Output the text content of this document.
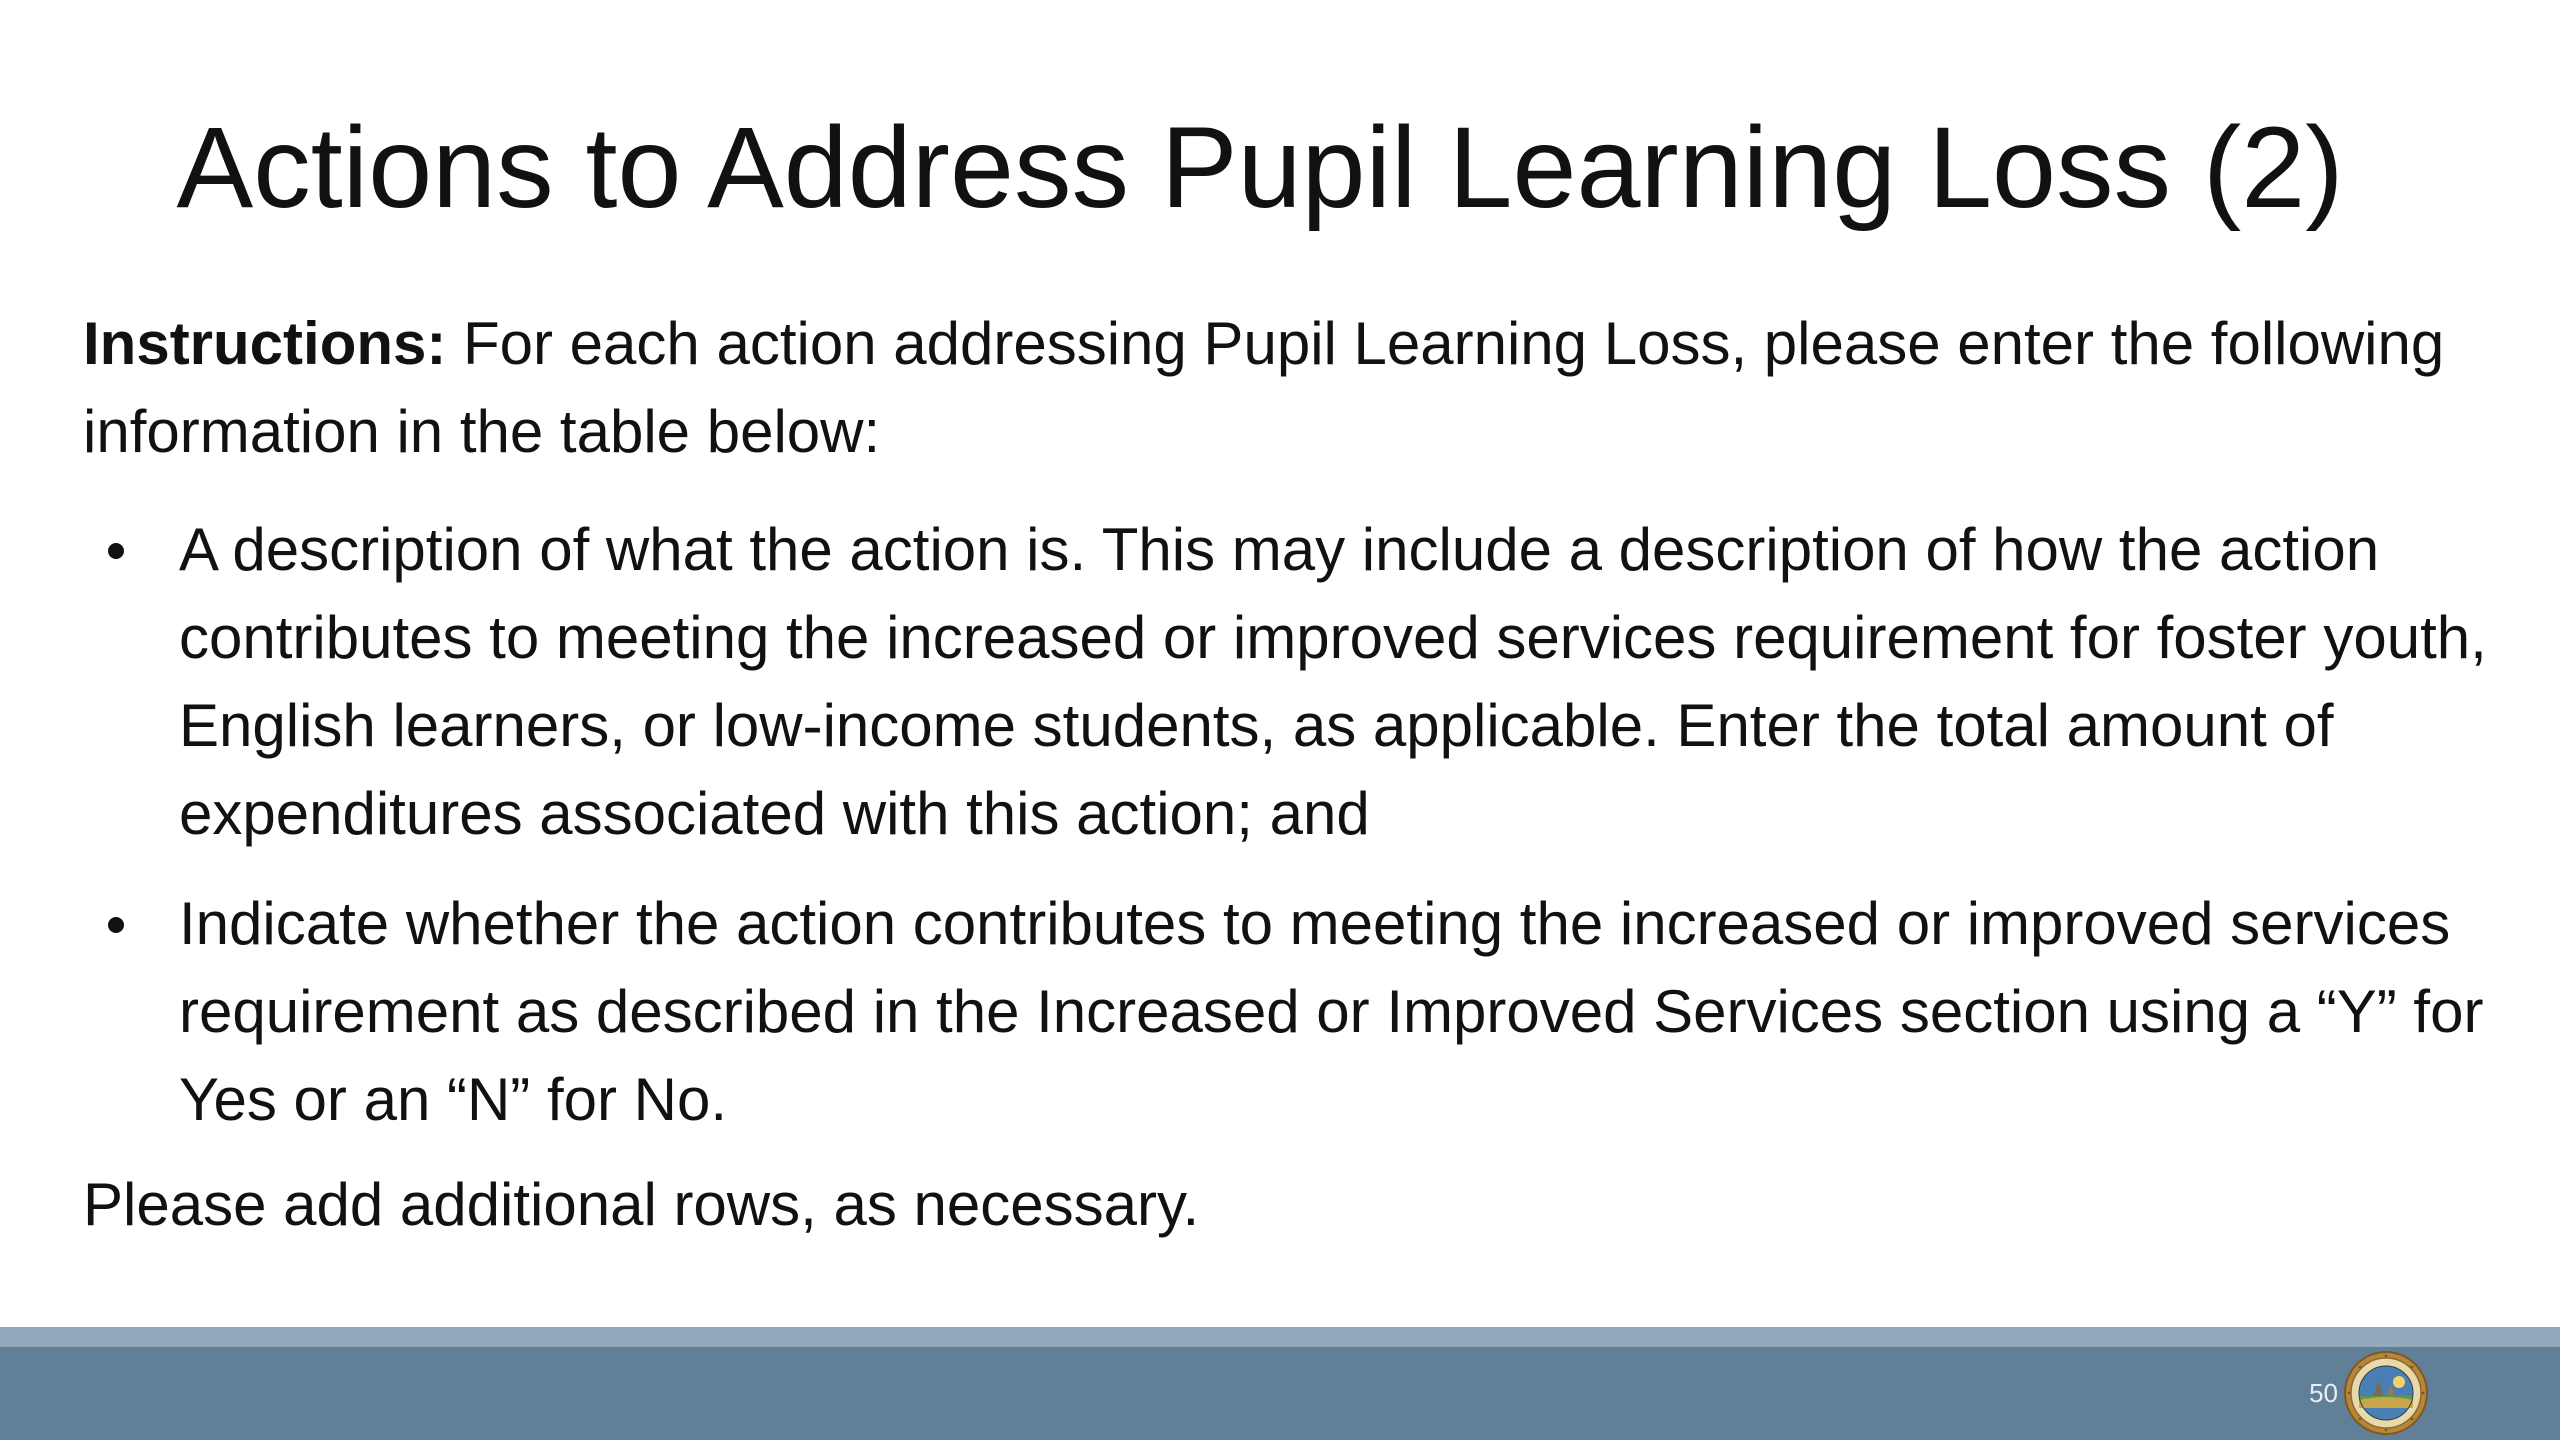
Actions to Address Pupil Learning Loss (2)

Instructions: For each action addressing Pupil Learning Loss, please enter the following information in the table below:

A description of what the action is. This may include a description of how the action contributes to meeting the increased or improved services requirement for foster youth, English learners, or low-income students, as applicable. Enter the total amount of expenditures associated with this action; and
Indicate whether the action contributes to meeting the increased or improved services requirement as described in the Increased or Improved Services section using a “Y” for Yes or an “N” for No.

Please add additional rows, as necessary.

50
